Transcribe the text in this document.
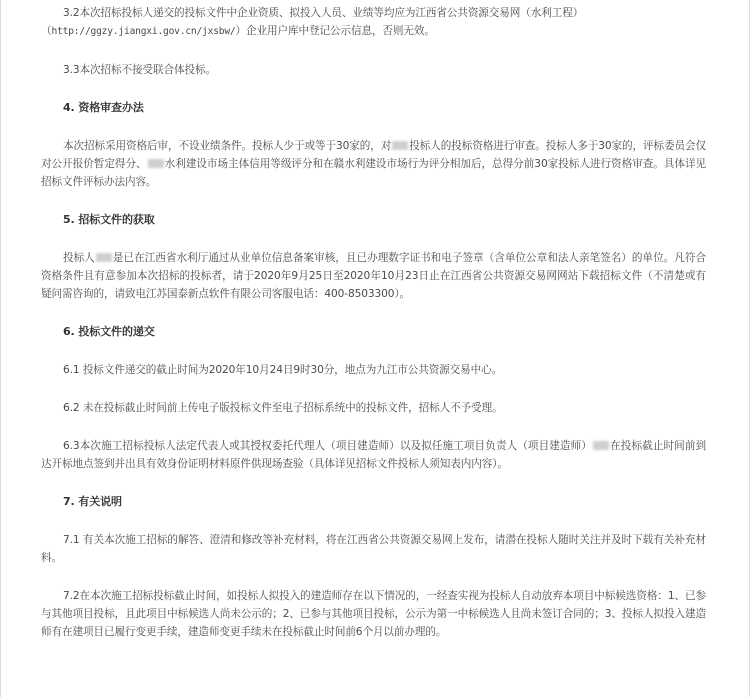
3.2本次招标投标人递交的投标文件中企业资质、拟投入人员、业绩等均应为江西省公共资源交易网（水利工程）

（http://ggzy.jiangxi.gov.cn/jxsbw/）企业用户库中登记公示信息，否则无效。

3.3本次招标不接受联合体投标。

4. 资格审查办法

本次招标采用资格后审，不设业绩条件。投标人少于或等于30家的，对 投标人的投标资格进行审查。投标人多于30家的，评标委员会仅对公开报价暂定得分、 水利建设市场主体信用等级评分和在赣水利建设市场行为评分相加后，总得分前30家投标人进行资格审查。具体详见招标文件评标办法内容。

5. 招标文件的获取

投标人 是已在江西省水利厅通过从业单位信息备案审核，且已办理数字证书和电子签章（含单位公章和法人亲笔签名）的单位。凡符合资格条件且有意参加本次招标的投标者，请于2020年9月25日至2020年10月23日止在江西省公共资源交易网网站下载招标文件（不清楚或有疑问需咨询的，请致电江苏国泰新点软件有限公司客服电话：400-8503300）。

6. 投标文件的递交

6.1 投标文件递交的截止时间为2020年10月24日9时30分，地点为九江市公共资源交易中心。

6.2 未在投标截止时间前上传电子版投标文件至电子招标系统中的投标文件，招标人不予受理。

6.3本次施工招标投标人法定代表人或其授权委托代理人（项目建造师）以及拟任施工项目负责人（项目建造师） 在投标截止时间前到达开标地点签到并出具有效身份证明材料原件供现场查验（具体详见招标文件投标人须知表内内容）。

7. 有关说明

7.1 有关本次施工招标的解答、澄清和修改等补充材料，将在江西省公共资源交易网上发布，请潜在投标人随时关注并及时下载有关补充材料。

7.2在本次施工招标投标截止时间，如投标人拟投入的建造师存在以下情况的，一经查实视为投标人自动放弃本项目中标候选资格：1、已参与其他项目投标，且此项目中标候选人尚未公示的；2、已参与其他项目投标，公示为第一中标候选人且尚未签订合同的；3、投标人拟投入建造师有在建项目已履行变更手续，建造师变更手续未在投标截止时间前6个月以前办理的。
